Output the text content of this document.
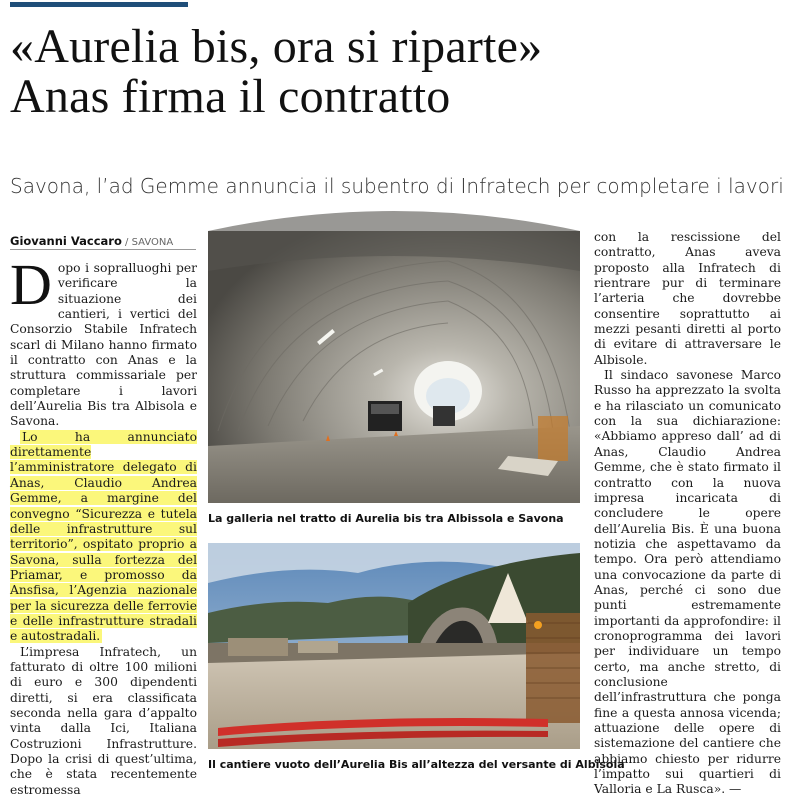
«Aurelia bis, ora si riparte»
Anas firma il contratto
Savona, l’ad Gemme annuncia il subentro di Infratech per completare i lavori
Giovanni Vaccaro / SAVONA

Dopo i sopralluoghi per verificare la situazione dei cantieri, i vertici del Consorzio Stabile Infratech scarl di Milano hanno firmato il contratto con Anas e la struttura commissariale per completare i lavori dell’Aurelia Bis tra Albisola e Savona.

Lo ha annunciato direttamente l’amministratore delegato di Anas, Claudio Andrea Gemme, a margine del convegno “Sicurezza e tutela delle infrastrutture sul territorio”, ospitato proprio a Savona, sulla fortezza del Priamar, e promosso da Ansfisa, l’Agenzia nazionale per la sicurezza delle ferrovie e delle infrastrutture stradali e autostradali.

L’impresa Infratech, un fatturato di oltre 100 milioni di euro e 300 dipendenti diretti, si era classificata seconda nella gara d’appalto vinta dalla Ici, Italiana Costruzioni Infrastrutture. Dopo la crisi di quest’ultima, che è stata recentemente estromessa

La galleria nel tratto di Aurelia bis tra Albissola e Savona
Il cantiere vuoto dell’Aurelia Bis all’altezza del versante di Albisola

con la rescissione del contratto, Anas aveva proposto alla Infratech di rientrare pur di terminare l’arteria che dovrebbe consentire soprattutto ai mezzi pesanti diretti al porto di evitare di attraversare le Albisole.

Il sindaco savonese Marco Russo ha apprezzato la svolta e ha rilasciato un comunicato con la sua dichiarazione: «Abbiamo appreso dall’ ad di Anas, Claudio Andrea Gemme, che è stato firmato il contratto con la nuova impresa incaricata di concludere le opere dell’Aurelia Bis. È una buona notizia che aspettavamo da tempo. Ora però attendiamo una convocazione da parte di Anas, perché ci sono due punti estremamente importanti da approfondire: il cronoprogramma dei lavori per individuare un tempo certo, ma anche stretto, di conclusione dell’infrastruttura che ponga fine a questa annosa vicenda; attuazione delle opere di sistemazione del cantiere che abbiamo chiesto per ridurre l’impatto sui quartieri di Valloria e La Rusca». —
